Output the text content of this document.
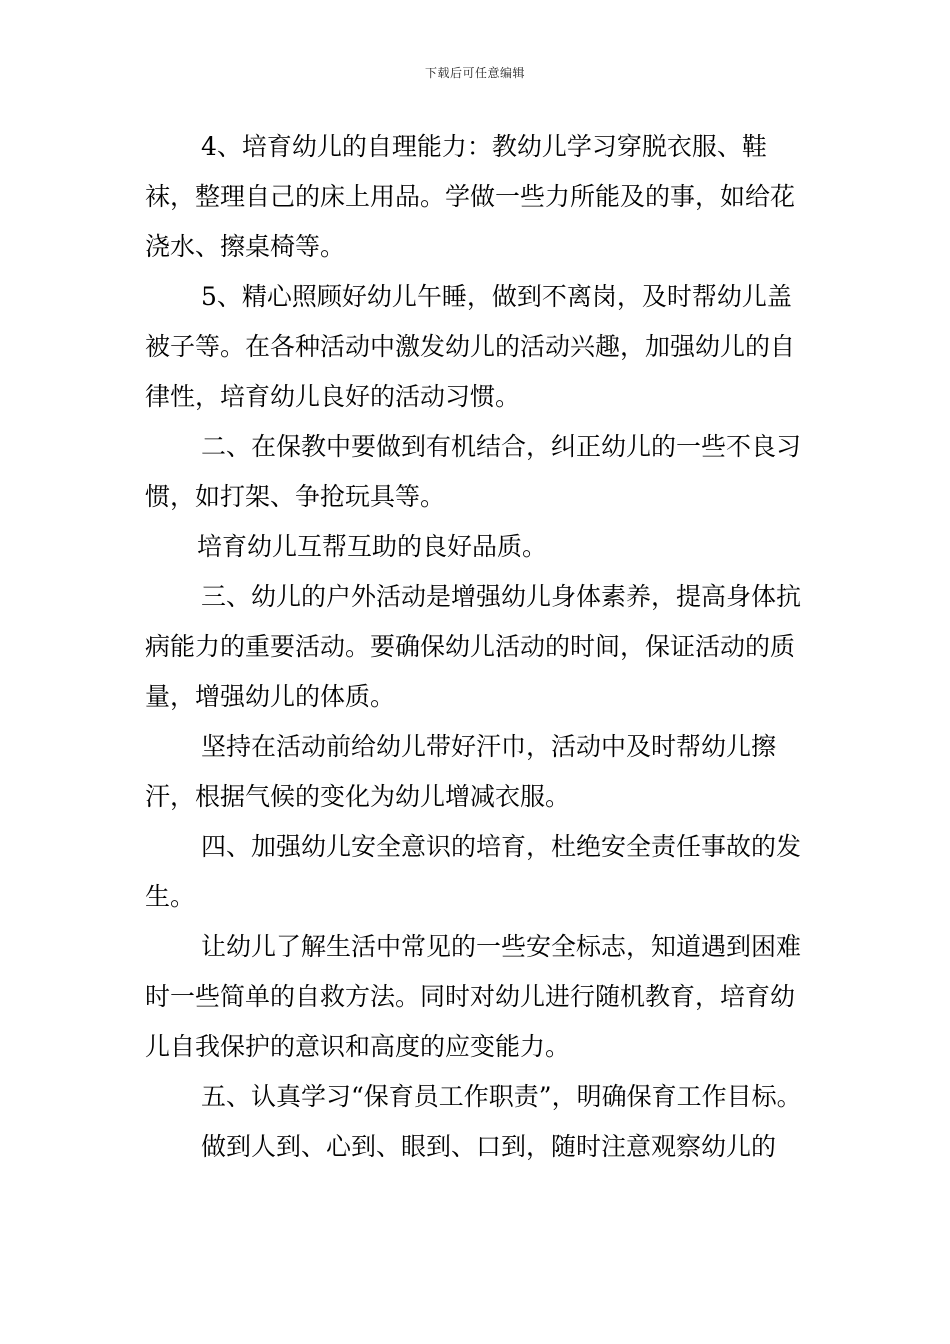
下载后可任意编辑

4、培育幼儿的自理能力：教幼儿学习穿脱衣服、鞋袜，整理自己的床上用品。学做一些力所能及的事，如给花浇水、擦桌椅等。

5、精心照顾好幼儿午睡，做到不离岗，及时帮幼儿盖被子等。在各种活动中激发幼儿的活动兴趣，加强幼儿的自律性，培育幼儿良好的活动习惯。

二、在保教中要做到有机结合，纠正幼儿的一些不良习惯，如打架、争抢玩具等。

培育幼儿互帮互助的良好品质。

三、幼儿的户外活动是增强幼儿身体素养，提高身体抗病能力的重要活动。要确保幼儿活动的时间，保证活动的质量，增强幼儿的体质。

坚持在活动前给幼儿带好汗巾，活动中及时帮幼儿擦汗，根据气候的变化为幼儿增减衣服。

四、加强幼儿安全意识的培育，杜绝安全责任事故的发生。

让幼儿了解生活中常见的一些安全标志，知道遇到困难时一些简单的自救方法。同时对幼儿进行随机教育，培育幼儿自我保护的意识和高度的应变能力。

五、认真学习“保育员工作职责”，明确保育工作目标。

做到人到、心到、眼到、口到，随时注意观察幼儿的
